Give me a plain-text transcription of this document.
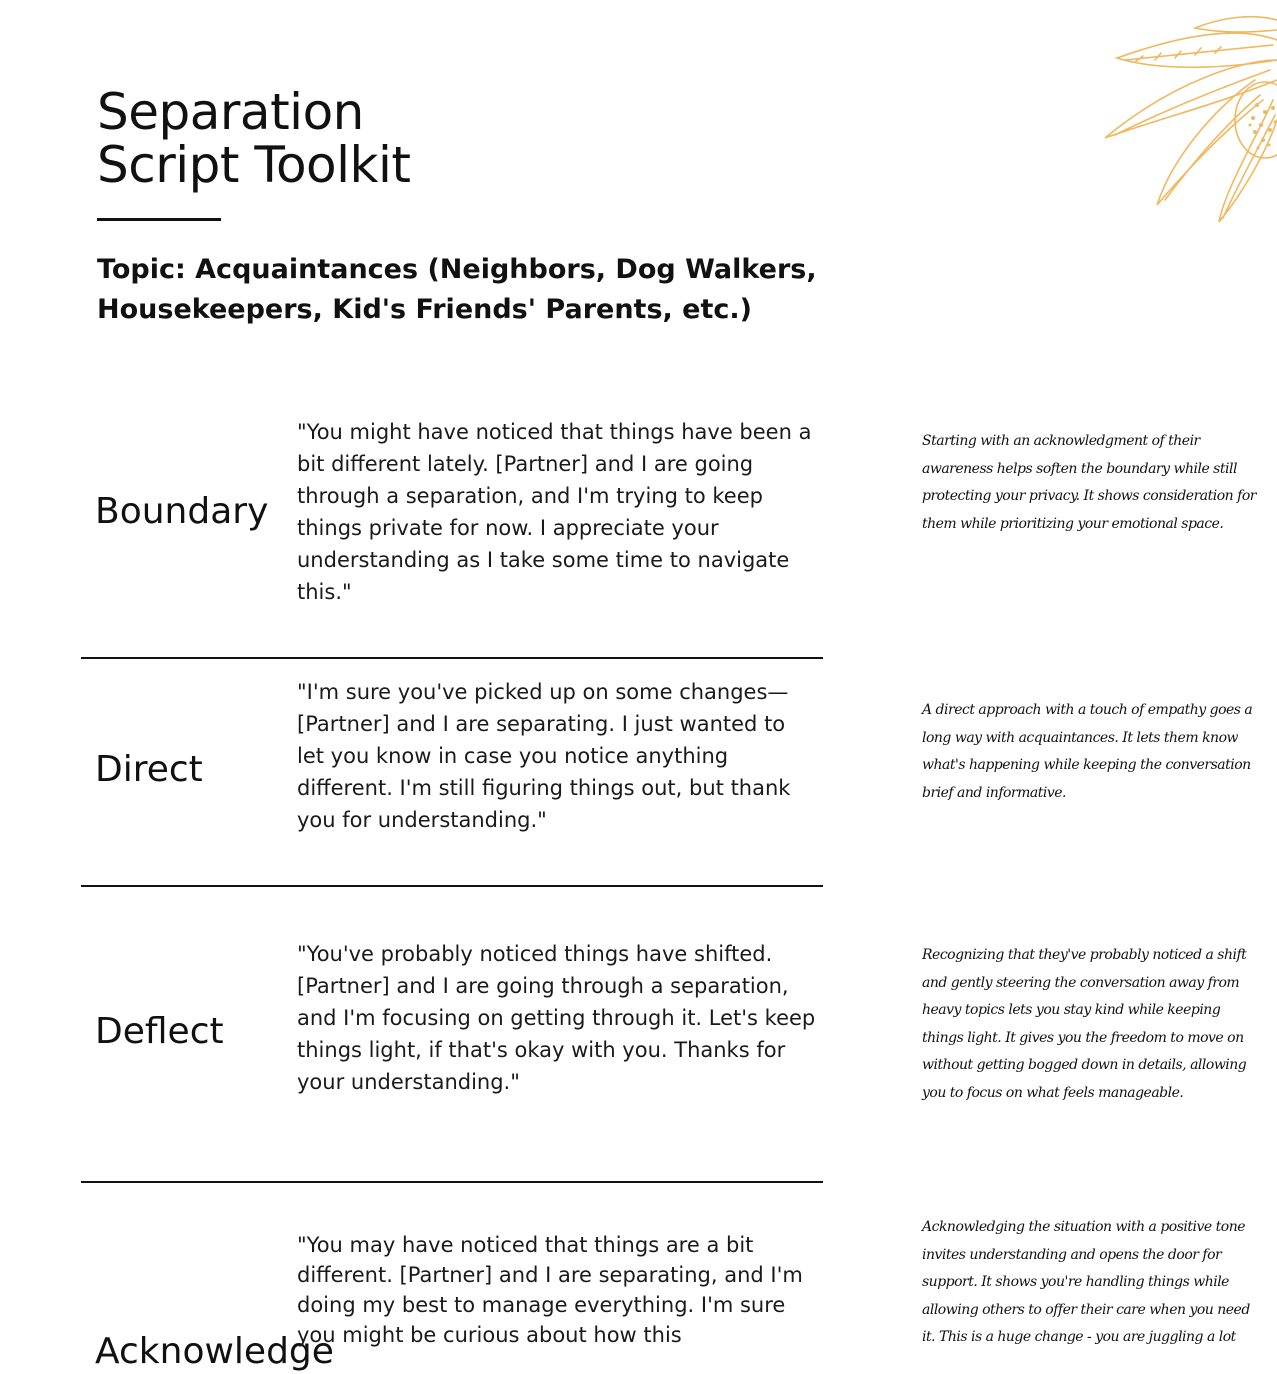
Separation
Script Toolkit
Topic: Acquaintances (Neighbors, Dog Walkers,
Housekeepers, Kid's Friends' Parents, etc.)

Boundary

"You might have noticed that things have been a bit different lately. [Partner] and I are going through a separation, and I'm trying to keep things private for now. I appreciate your understanding as I take some time to navigate this."

Starting with an acknowledgment of their awareness helps soften the boundary while still protecting your privacy. It shows consideration for them while prioritizing your emotional space.

Direct

"I'm sure you've picked up on some changes—[Partner] and I are separating. I just wanted to let you know in case you notice anything different. I'm still figuring things out, but thank you for understanding."

A direct approach with a touch of empathy goes a long way with acquaintances. It lets them know what's happening while keeping the conversation brief and informative.

Deflect

"You've probably noticed things have shifted. [Partner] and I are going through a separation, and I'm focusing on getting through it. Let's keep things light, if that's okay with you. Thanks for your understanding."

Recognizing that they've probably noticed a shift and gently steering the conversation away from heavy topics lets you stay kind while keeping things light. It gives you the freedom to move on without getting bogged down in details, allowing you to focus on what feels manageable.

Acknowledge

"You may have noticed that things are a bit different. [Partner] and I are separating, and I'm doing my best to manage everything. I'm sure you might be curious about how this

Acknowledging the situation with a positive tone invites understanding and opens the door for support. It shows you're handling things while allowing others to offer their care when you need it. This is a huge change - you are juggling a lot
